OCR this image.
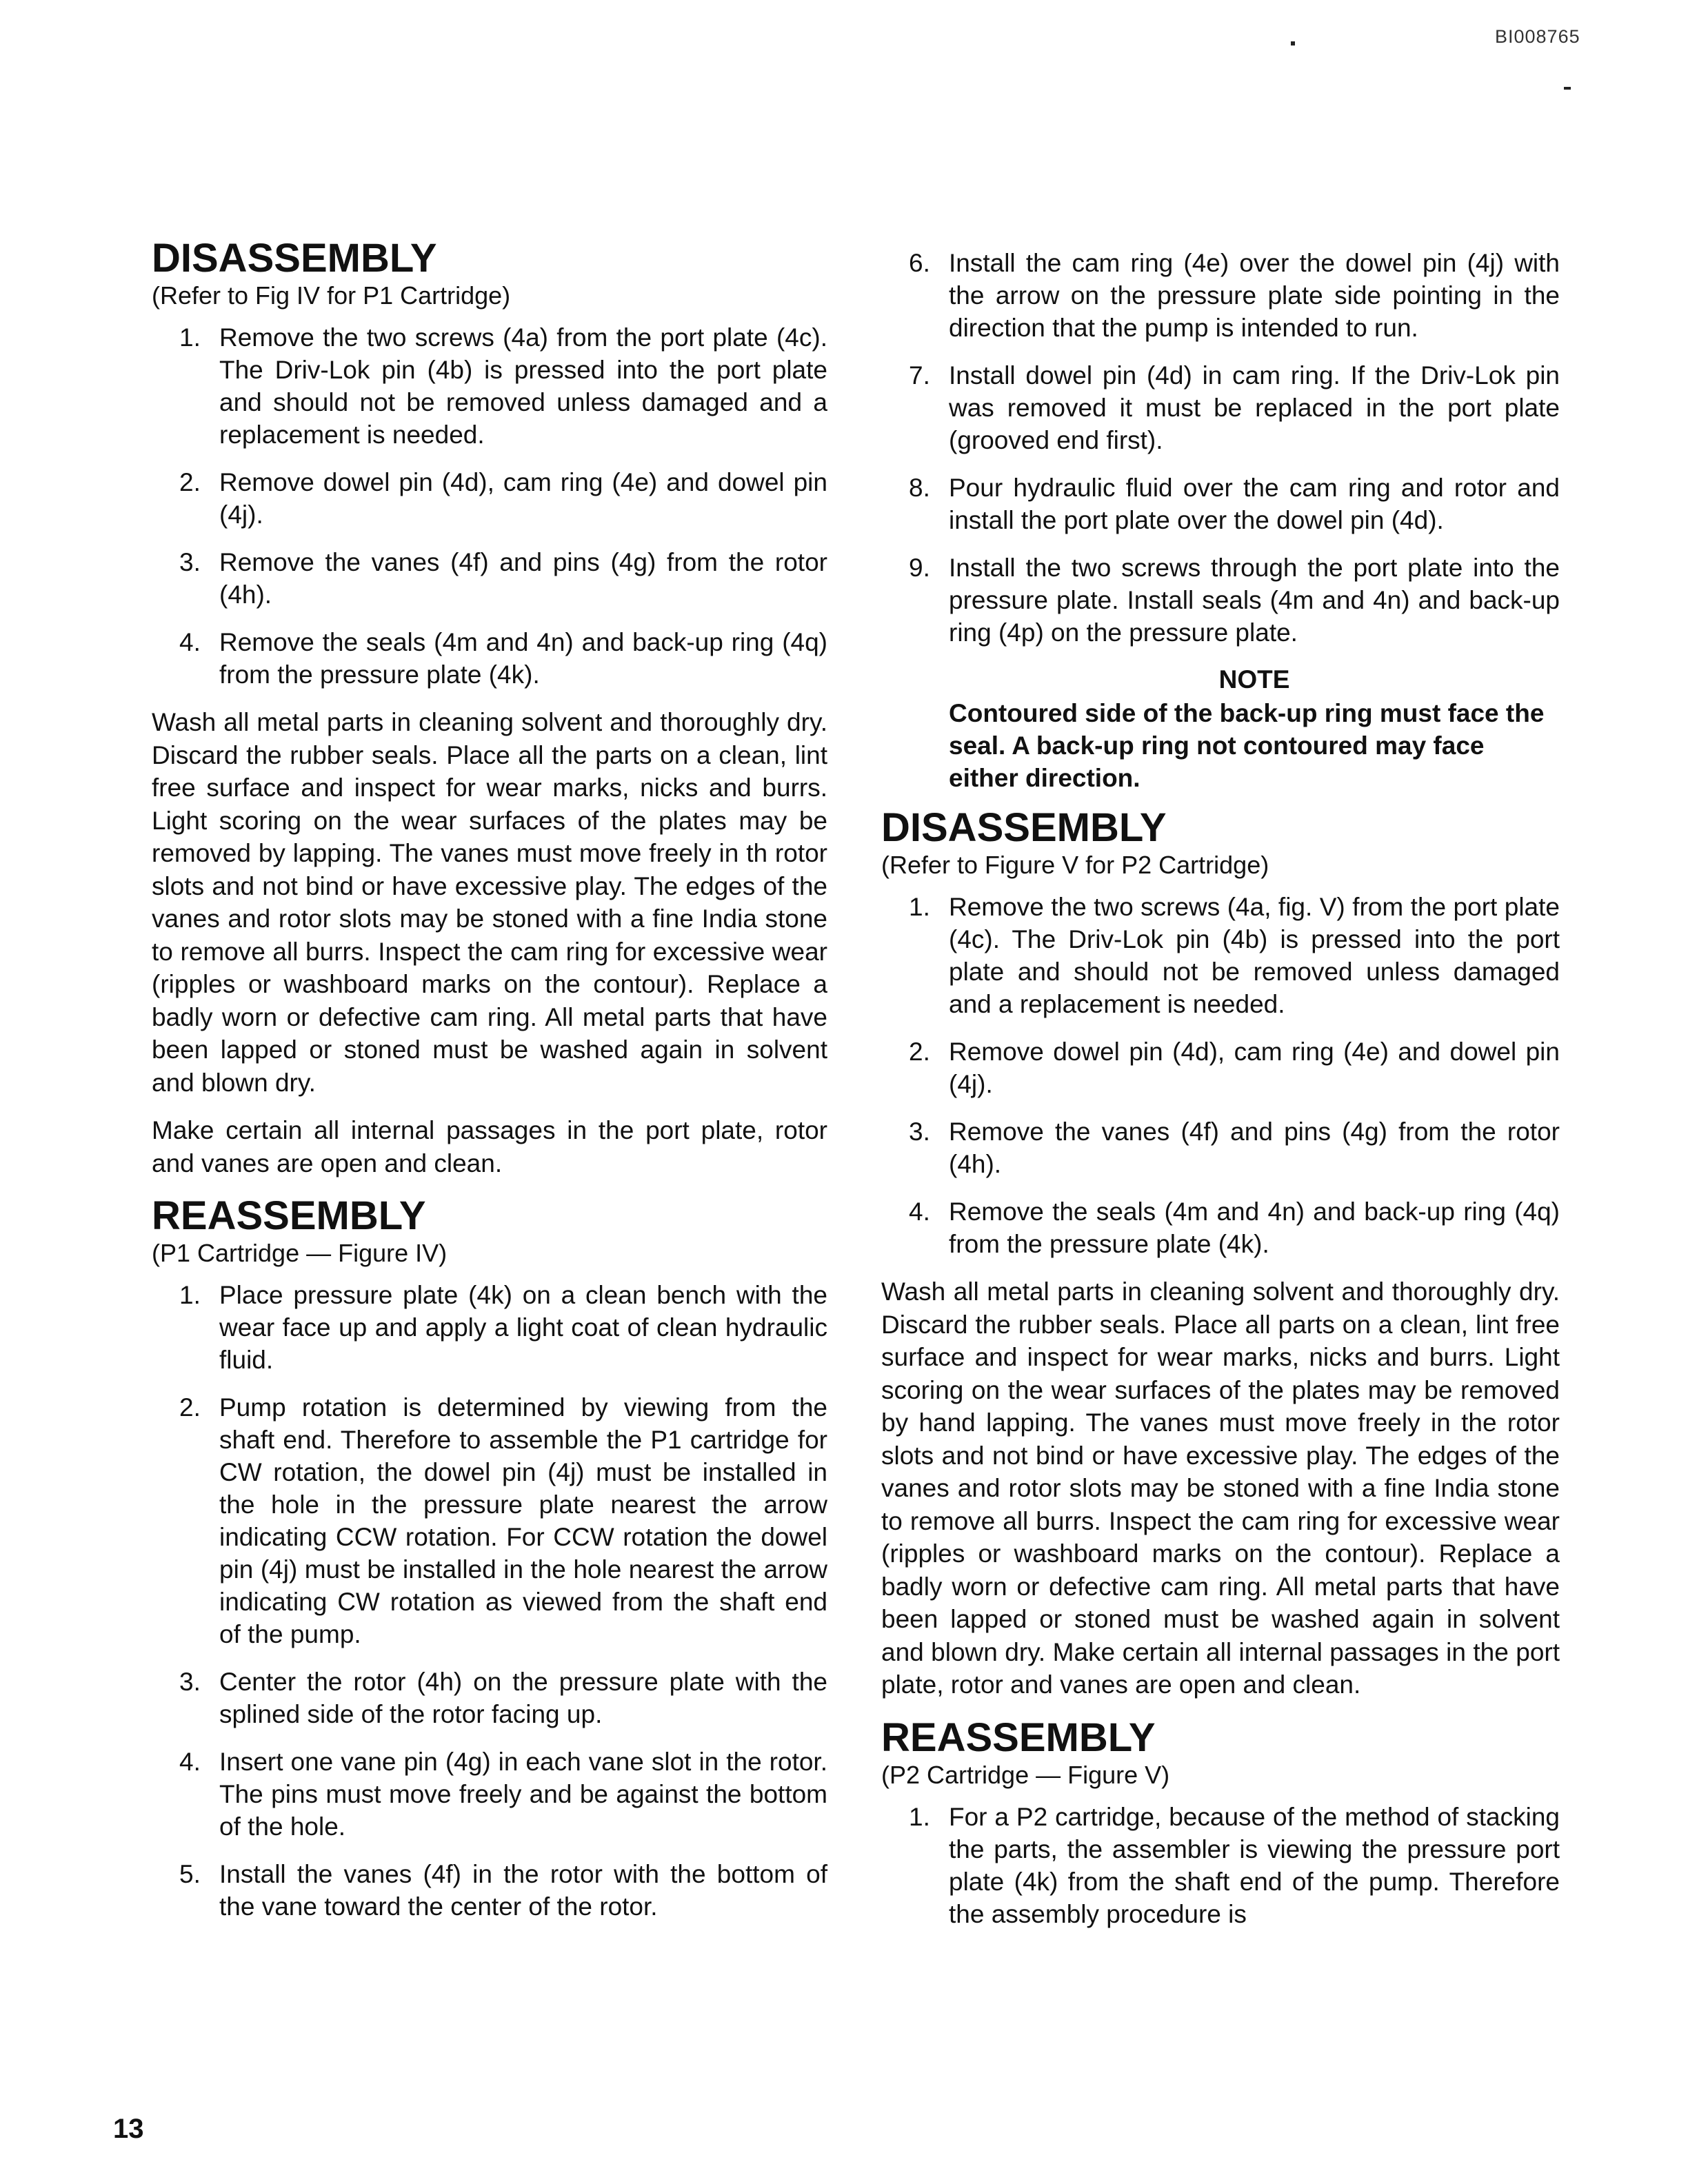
BI008765
DISASSEMBLY
(Refer to Fig IV for P1 Cartridge)
1. Remove the two screws (4a) from the port plate (4c). The Driv-Lok pin (4b) is pressed into the port plate and should not be removed unless damaged and a replacement is needed.
2. Remove dowel pin (4d), cam ring (4e) and dowel pin (4j).
3. Remove the vanes (4f) and pins (4g) from the rotor (4h).
4. Remove the seals (4m and 4n) and back-up ring (4q) from the pressure plate (4k).

Wash all metal parts in cleaning solvent and thoroughly dry. Discard the rubber seals. Place all the parts on a clean, lint free surface and inspect for wear marks, nicks and burrs. Light scoring on the wear surfaces of the plates may be removed by lapping. The vanes must move freely in th rotor slots and not bind or have excessive play. The edges of the vanes and rotor slots may be stoned with a fine India stone to remove all burrs. Inspect the cam ring for excessive wear (ripples or washboard marks on the contour). Replace a badly worn or defective cam ring. All metal parts that have been lapped or stoned must be washed again in solvent and blown dry.

Make certain all internal passages in the port plate, rotor and vanes are open and clean.

REASSEMBLY
(P1 Cartridge — Figure IV)
1. Place pressure plate (4k) on a clean bench with the wear face up and apply a light coat of clean hydraulic fluid.
2. Pump rotation is determined by viewing from the shaft end. Therefore to assemble the P1 cartridge for CW rotation, the dowel pin (4j) must be installed in the hole in the pressure plate nearest the arrow indicating CCW rotation. For CCW rotation the dowel pin (4j) must be installed in the hole nearest the arrow indicating CW rotation as viewed from the shaft end of the pump.
3. Center the rotor (4h) on the pressure plate with the splined side of the rotor facing up.
4. Insert one vane pin (4g) in each vane slot in the rotor. The pins must move freely and be against the bottom of the hole.
5. Install the vanes (4f) in the rotor with the bottom of the vane toward the center of the rotor.
6. Install the cam ring (4e) over the dowel pin (4j) with the arrow on the pressure plate side pointing in the direction that the pump is intended to run.
7. Install dowel pin (4d) in cam ring. If the Driv-Lok pin was removed it must be replaced in the port plate (grooved end first).
8. Pour hydraulic fluid over the cam ring and rotor and install the port plate over the dowel pin (4d).
9. Install the two screws through the port plate into the pressure plate. Install seals (4m and 4n) and back-up ring (4p) on the pressure plate.
NOTE
Contoured side of the back-up ring must face the seal. A back-up ring not contoured may face either direction.
DISASSEMBLY
(Refer to Figure V for P2 Cartridge)
1. Remove the two screws (4a, fig. V) from the port plate (4c). The Driv-Lok pin (4b) is pressed into the port plate and should not be removed unless damaged and a replacement is needed.
2. Remove dowel pin (4d), cam ring (4e) and dowel pin (4j).
3. Remove the vanes (4f) and pins (4g) from the rotor (4h).
4. Remove the seals (4m and 4n) and back-up ring (4q) from the pressure plate (4k).

Wash all metal parts in cleaning solvent and thoroughly dry. Discard the rubber seals. Place all parts on a clean, lint free surface and inspect for wear marks, nicks and burrs. Light scoring on the wear surfaces of the plates may be removed by hand lapping. The vanes must move freely in the rotor slots and not bind or have excessive play. The edges of the vanes and rotor slots may be stoned with a fine India stone to remove all burrs. Inspect the cam ring for excessive wear (ripples or washboard marks on the contour). Replace a badly worn or defective cam ring. All metal parts that have been lapped or stoned must be washed again in solvent and blown dry. Make certain all internal passages in the port plate, rotor and vanes are open and clean.

REASSEMBLY
(P2 Cartridge — Figure V)
1. For a P2 cartridge, because of the method of stacking the parts, the assembler is viewing the pressure port plate (4k) from the shaft end of the pump. Therefore the assembly procedure is
13
